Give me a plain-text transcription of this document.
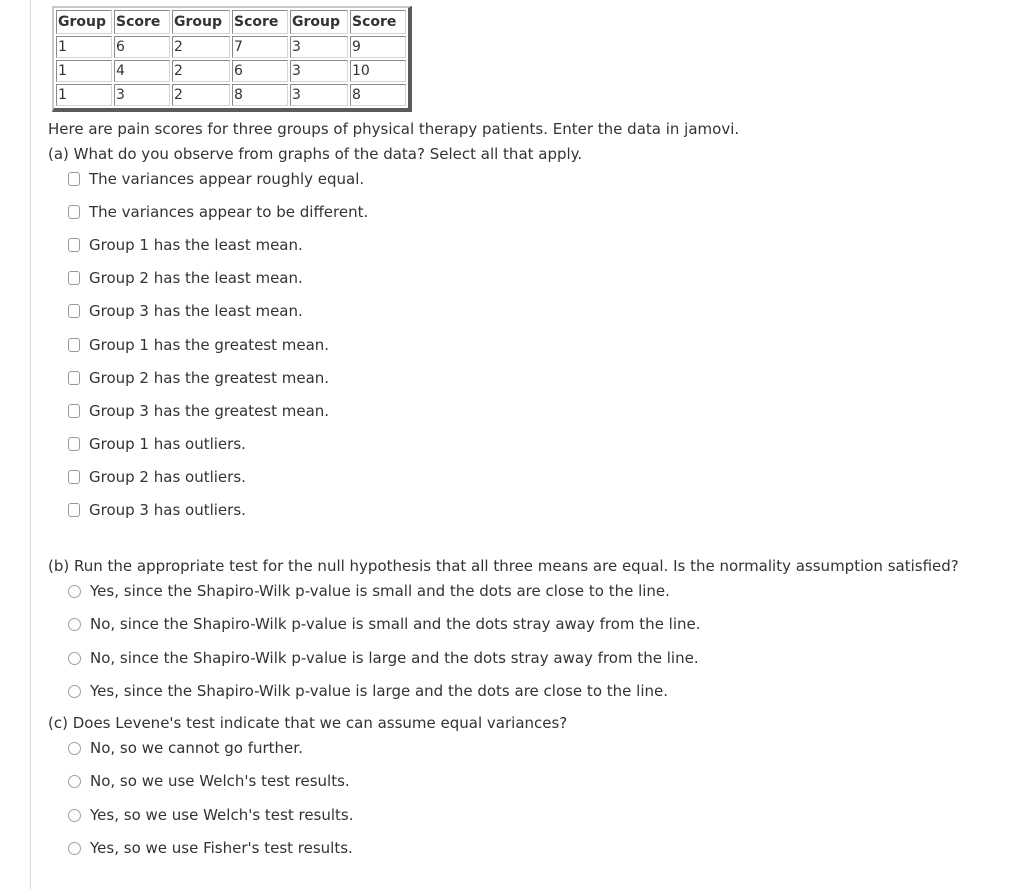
Group	Score	Group	Score	Group	Score
1	6	2	7	3	9
1	4	2	6	3	10
1	3	2	8	3	8
Here are pain scores for three groups of physical therapy patients. Enter the data in jamovi.
(a) What do you observe from graphs of the data? Select all that apply.
The variances appear roughly equal.
The variances appear to be different.
Group 1 has the least mean.
Group 2 has the least mean.
Group 3 has the least mean.
Group 1 has the greatest mean.
Group 2 has the greatest mean.
Group 3 has the greatest mean.
Group 1 has outliers.
Group 2 has outliers.
Group 3 has outliers.
(b) Run the appropriate test for the null hypothesis that all three means are equal. Is the normality assumption satisfied?
Yes, since the Shapiro-Wilk p-value is small and the dots are close to the line.
No, since the Shapiro-Wilk p-value is small and the dots stray away from the line.
No, since the Shapiro-Wilk p-value is large and the dots stray away from the line.
Yes, since the Shapiro-Wilk p-value is large and the dots are close to the line.
(c) Does Levene's test indicate that we can assume equal variances?
No, so we cannot go further.
No, so we use Welch's test results.
Yes, so we use Welch's test results.
Yes, so we use Fisher's test results.
